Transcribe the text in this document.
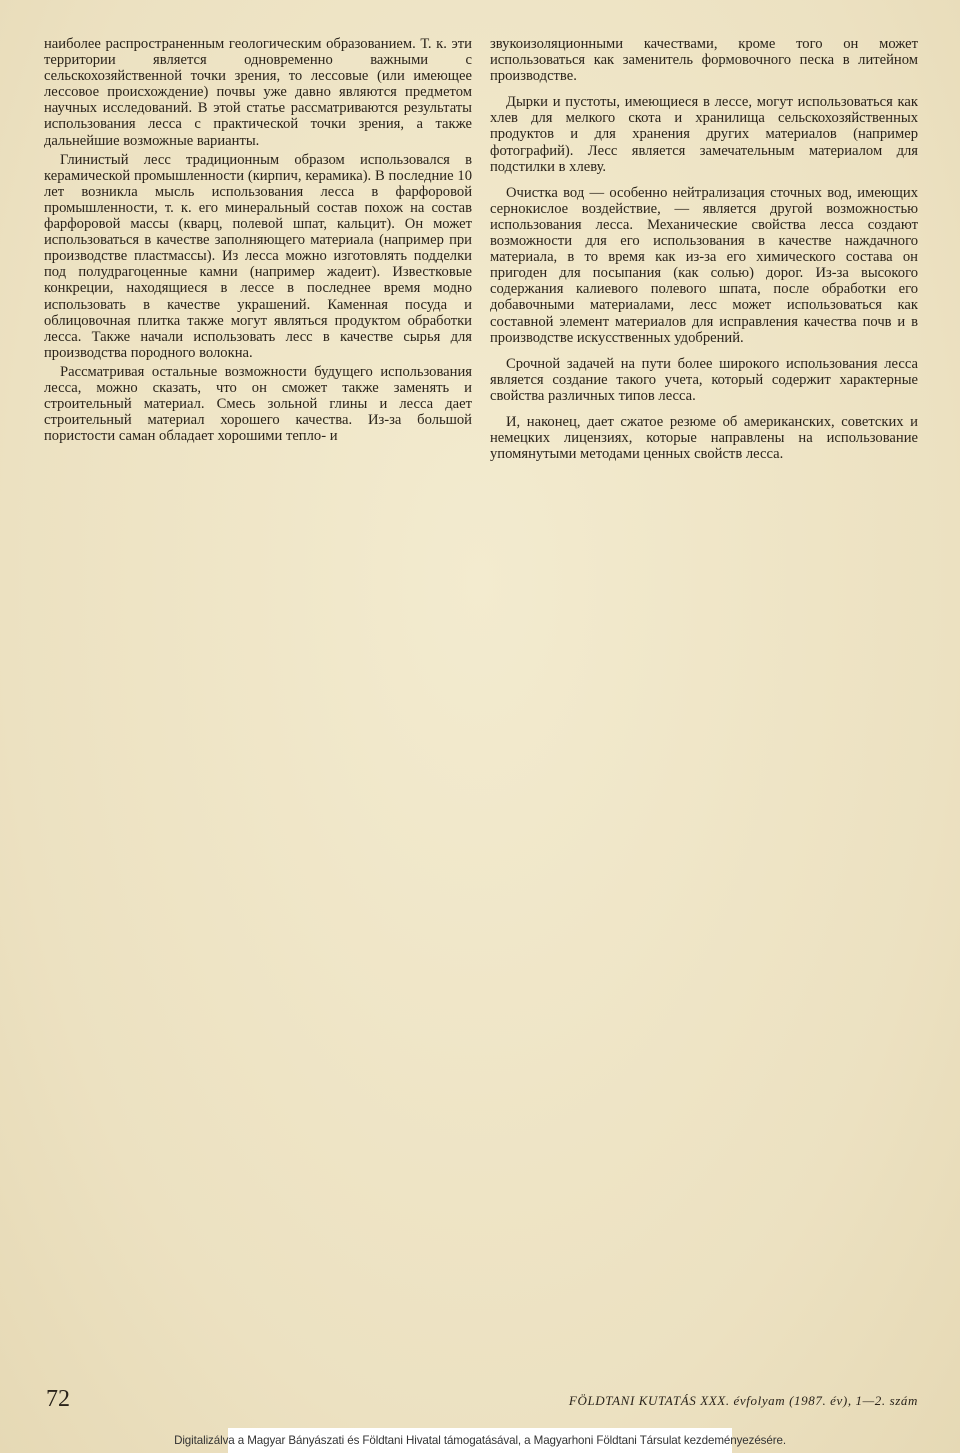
наиболее распространенным геологическим образованием. Т. к. эти территории является одновременно важными с сельскохозяйственной точки зрения, то лессовые (или имеющее лессовое происхождение) почвы уже давно являются предметом научных исследований. В этой статье рассматриваются результаты использования лесса с практической точки зрения, а также дальнейшие возможные варианты.

Глинистый лесс традиционным образом использовался в керамической промышленности (кирпич, керамика). В последние 10 лет возникла мысль использования лесса в фарфоровой промышленности, т. к. его минеральный состав похож на состав фарфоровой массы (кварц, полевой шпат, кальцит). Он может использоваться в качестве заполняющего материала (например при производстве пластмассы). Из лесса можно изготовлять подделки под полудрагоценные камни (например жадеит). Известковые конкреции, находящиеся в лессе в последнее время модно использовать в качестве украшений. Каменная посуда и облицовочная плитка также могут являться продуктом обработки лесса. Также начали использовать лесс в качестве сырья для производства породного волокна.

Рассматривая остальные возможности будущего использования лесса, можно сказать, что он сможет также заменять и строительный материал. Смесь зольной глины и лесса дает строительный материал хорошего качества. Из-за большой пористости саман обладает хорошими тепло- и

звукоизоляционными качествами, кроме того он может использоваться как заменитель формовочного песка в литейном производстве.

Дырки и пустоты, имеющиеся в лессе, могут использоваться как хлев для мелкого скота и хранилища сельскохозяйственных продуктов и для хранения других материалов (например фотографий). Лесс является замечательным материалом для подстилки в хлеву.

Очистка вод — особенно нейтрализация сточных вод, имеющих сернокислое воздействие, — является другой возможностью использования лесса. Механические свойства лесса создают возможности для его использования в качестве наждачного материала, в то время как из-за его химического состава он пригоден для посыпания (как солью) дорог. Из-за высокого содержания калиевого полевого шпата, после обработки его добавочными материалами, лесс может использоваться как составной элемент материалов для исправления качества почв и в производстве искусственных удобрений.

Срочной задачей на пути более широкого использования лесса является создание такого учета, который содержит характерные свойства различных типов лесса.

И, наконец, дает сжатое резюме об американских, советских и немецких лицензиях, которые направлены на использование упомянутыми методами ценных свойств лесса.

72	FÖLDTANI KUTATÁS XXX. évfolyam (1987. év), 1—2. szám
Digitalizálva a Magyar Bányászati és Földtani Hivatal támogatásával, a Magyarhoni Földtani Társulat kezdeményezésére.
